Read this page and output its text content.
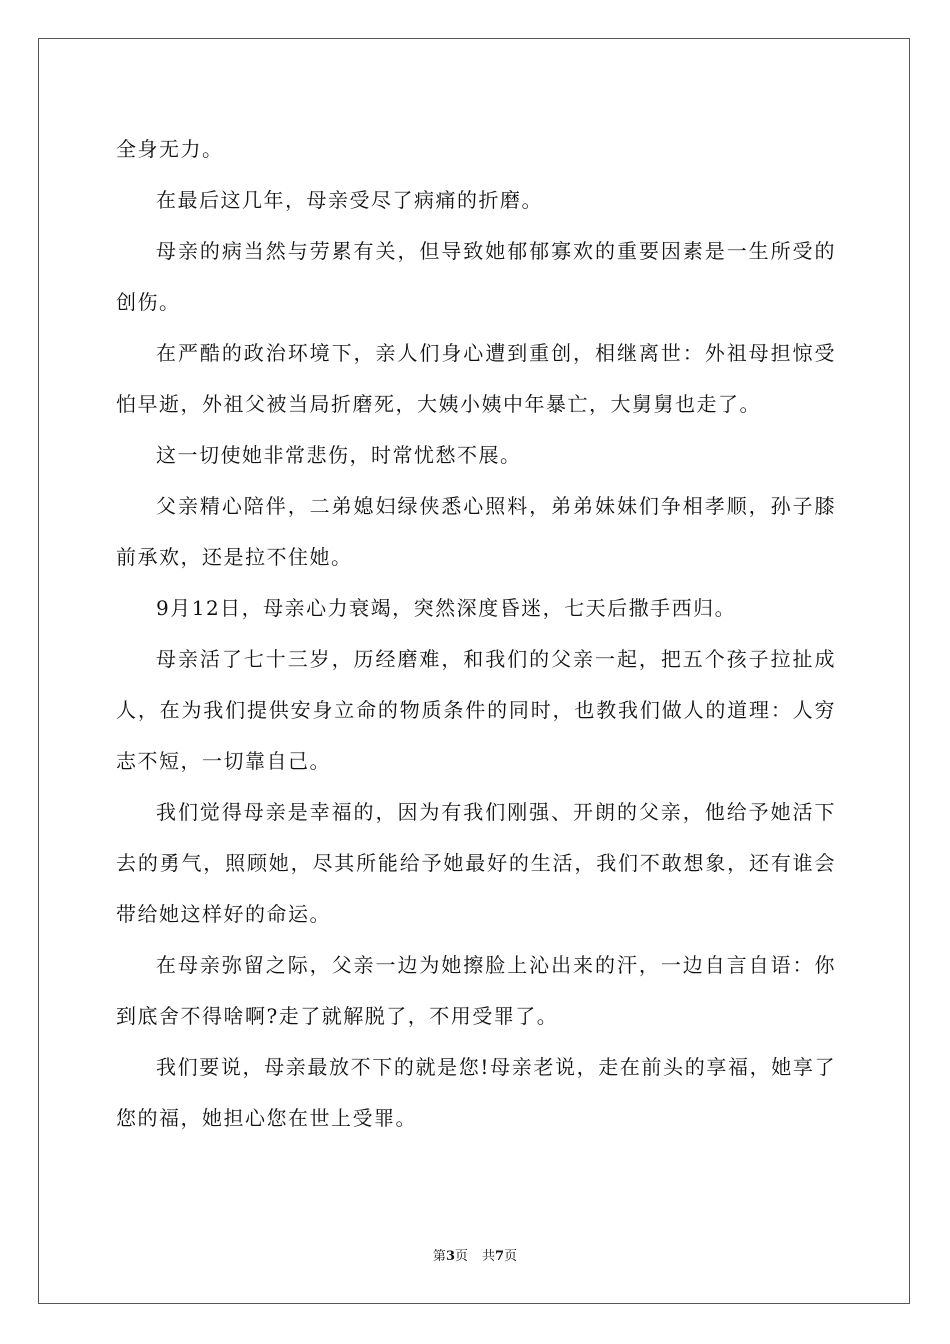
全身无力。

在最后这几年，母亲受尽了病痛的折磨。

母亲的病当然与劳累有关，但导致她郁郁寡欢的重要因素是一生所受的创伤。

在严酷的政治环境下，亲人们身心遭到重创，相继离世：外祖母担惊受怕早逝，外祖父被当局折磨死，大姨小姨中年暴亡，大舅舅也走了。

这一切使她非常悲伤，时常忧愁不展。

父亲精心陪伴，二弟媳妇绿侠悉心照料，弟弟妹妹们争相孝顺，孙子膝前承欢，还是拉不住她。

9月12日，母亲心力衰竭，突然深度昏迷，七天后撒手西归。

母亲活了七十三岁，历经磨难，和我们的父亲一起，把五个孩子拉扯成人，在为我们提供安身立命的物质条件的同时，也教我们做人的道理：人穷志不短，一切靠自己。

我们觉得母亲是幸福的，因为有我们刚强、开朗的父亲，他给予她活下去的勇气，照顾她，尽其所能给予她最好的生活，我们不敢想象，还有谁会带给她这样好的命运。

在母亲弥留之际，父亲一边为她擦脸上沁出来的汗，一边自言自语：你到底舍不得啥啊?走了就解脱了，不用受罪了。

我们要说，母亲最放不下的就是您!母亲老说，走在前头的享福，她享了您的福，她担心您在世上受罪。

第3页 共7页
